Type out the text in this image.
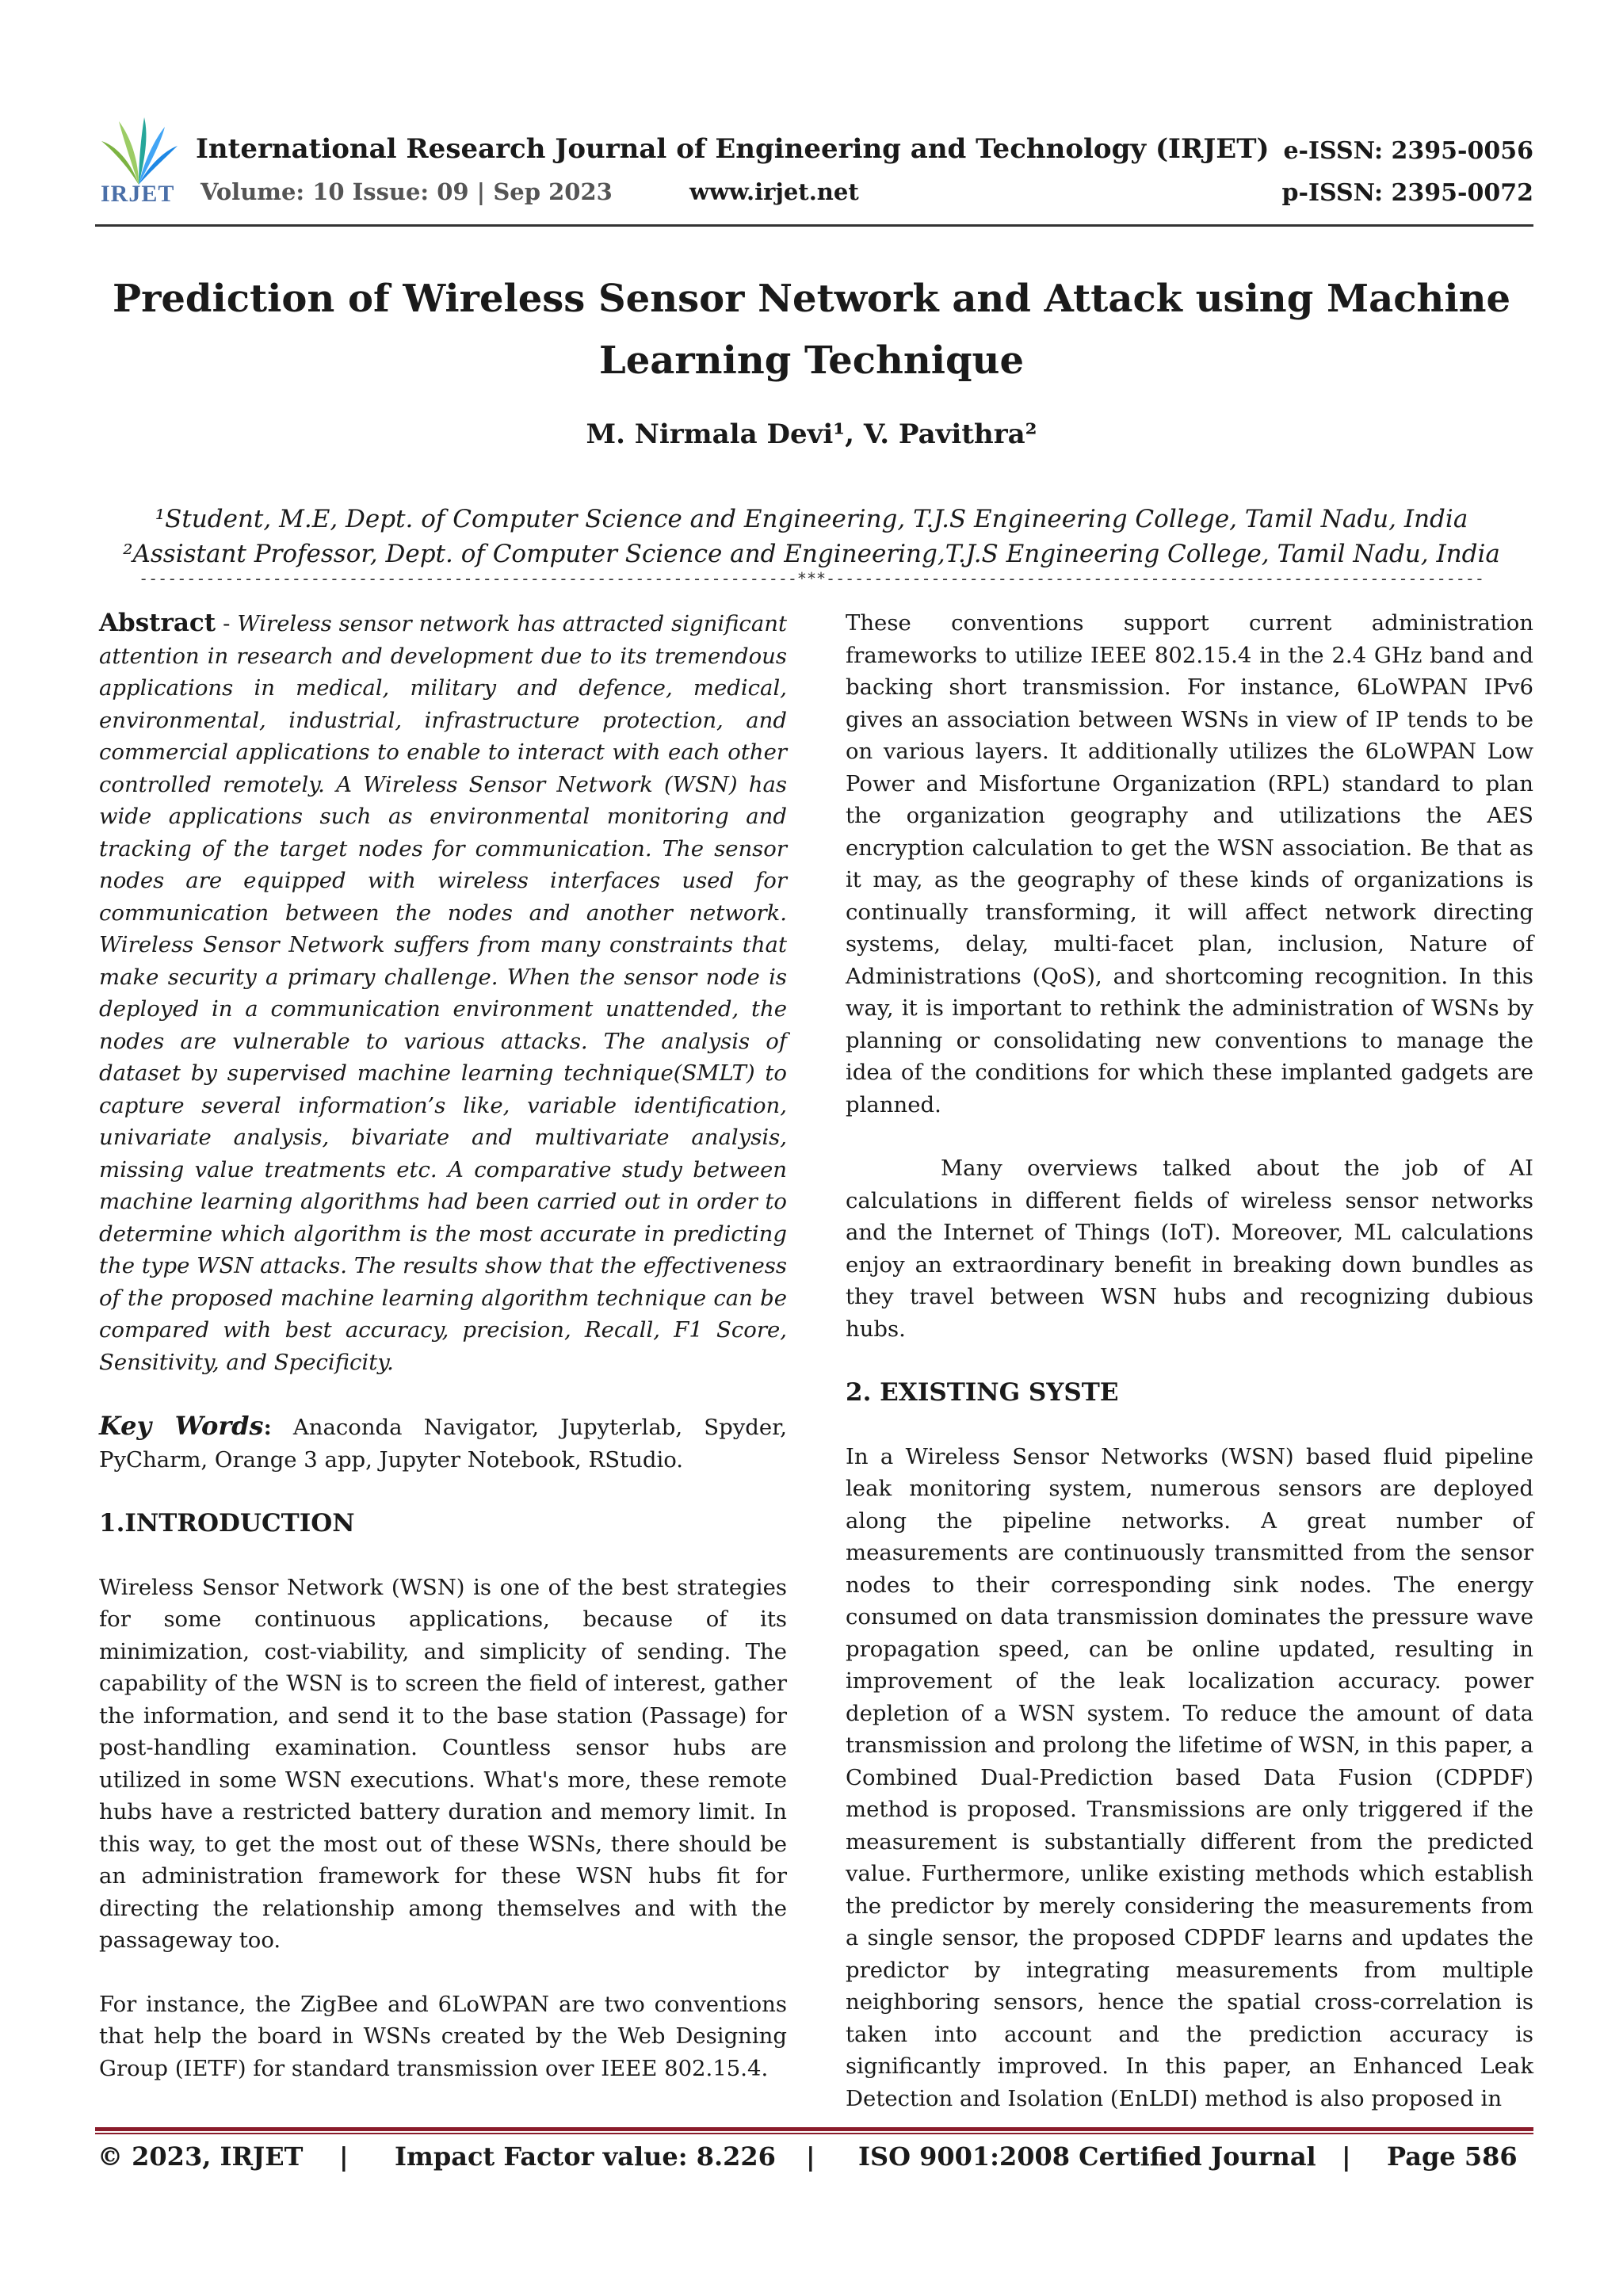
IRJET
International Research Journal of Engineering and Technology (IRJET)
Volume: 10 Issue: 09 | Sep 2023	www.irjet.net
e-ISSN: 2395-0056
p-ISSN: 2395-0072
Prediction of Wireless Sensor Network and Attack using Machine
Learning Technique
M. Nirmala Devi¹, V. Pavithra²
¹Student, M.E, Dept. of Computer Science and Engineering, T.J.S Engineering College, Tamil Nadu, India
²Assistant Professor, Dept. of Computer Science and Engineering,T.J.S Engineering College, Tamil Nadu, India
---------------------------------------------------------------------***---------------------------------------------------------------------

Abstract - Wireless sensor network has attracted significant attention in research and development due to its tremendous applications in medical, military and defence, medical, environmental, industrial, infrastructure protection, and commercial applications to enable to interact with each other controlled remotely. A Wireless Sensor Network (WSN) has wide applications such as environmental monitoring and tracking of the target nodes for communication. The sensor nodes are equipped with wireless interfaces used for communication between the nodes and another network. Wireless Sensor Network suffers from many constraints that make security a primary challenge. When the sensor node is deployed in a communication environment unattended, the nodes are vulnerable to various attacks. The analysis of dataset by supervised machine learning technique(SMLT) to capture several information’s like, variable identification, univariate analysis, bivariate and multivariate analysis, missing value treatments etc. A comparative study between machine learning algorithms had been carried out in order to determine which algorithm is the most accurate in predicting the type WSN attacks. The results show that the effectiveness of the proposed machine learning algorithm technique can be compared with best accuracy, precision, Recall, F1 Score, Sensitivity, and Specificity.

Key Words: Anaconda Navigator, Jupyterlab, Spyder, PyCharm, Orange 3 app, Jupyter Notebook, RStudio.

1.INTRODUCTION

Wireless Sensor Network (WSN) is one of the best strategies for some continuous applications, because of its minimization, cost-viability, and simplicity of sending. The capability of the WSN is to screen the field of interest, gather the information, and send it to the base station (Passage) for post-handling examination. Countless sensor hubs are utilized in some WSN executions. What's more, these remote hubs have a restricted battery duration and memory limit. In this way, to get the most out of these WSNs, there should be an administration framework for these WSN hubs fit for directing the relationship among themselves and with the passageway too.

For instance, the ZigBee and 6LoWPAN are two conventions that help the board in WSNs created by the Web Designing Group (IETF) for standard transmission over IEEE 802.15.4.

These conventions support current administration frameworks to utilize IEEE 802.15.4 in the 2.4 GHz band and backing short transmission. For instance, 6LoWPAN IPv6 gives an association between WSNs in view of IP tends to be on various layers. It additionally utilizes the 6LoWPAN Low Power and Misfortune Organization (RPL) standard to plan the organization geography and utilizations the AES encryption calculation to get the WSN association. Be that as it may, as the geography of these kinds of organizations is continually transforming, it will affect network directing systems, delay, multi-facet plan, inclusion, Nature of Administrations (QoS), and shortcoming recognition. In this way, it is important to rethink the administration of WSNs by planning or consolidating new conventions to manage the idea of the conditions for which these implanted gadgets are planned.

Many overviews talked about the job of AI calculations in different fields of wireless sensor networks and the Internet of Things (IoT). Moreover, ML calculations enjoy an extraordinary benefit in breaking down bundles as they travel between WSN hubs and recognizing dubious hubs.

2. EXISTING SYSTE

In a Wireless Sensor Networks (WSN) based fluid pipeline leak monitoring system, numerous sensors are deployed along the pipeline networks. A great number of measurements are continuously transmitted from the sensor nodes to their corresponding sink nodes. The energy consumed on data transmission dominates the pressure wave propagation speed, can be online updated, resulting in improvement of the leak localization accuracy. power depletion of a WSN system. To reduce the amount of data transmission and prolong the lifetime of WSN, in this paper, a Combined Dual-Prediction based Data Fusion (CDPDF) method is proposed. Transmissions are only triggered if the measurement is substantially different from the predicted value. Furthermore, unlike existing methods which establish the predictor by merely considering the measurements from a single sensor, the proposed CDPDF learns and updates the predictor by integrating measurements from multiple neighboring sensors, hence the spatial cross-correlation is taken into account and the prediction accuracy is significantly improved. In this paper, an Enhanced Leak Detection and Isolation (EnLDI) method is also proposed in

© 2023, IRJET | Impact Factor value: 8.226 | ISO 9001:2008 Certified Journal | Page 586
